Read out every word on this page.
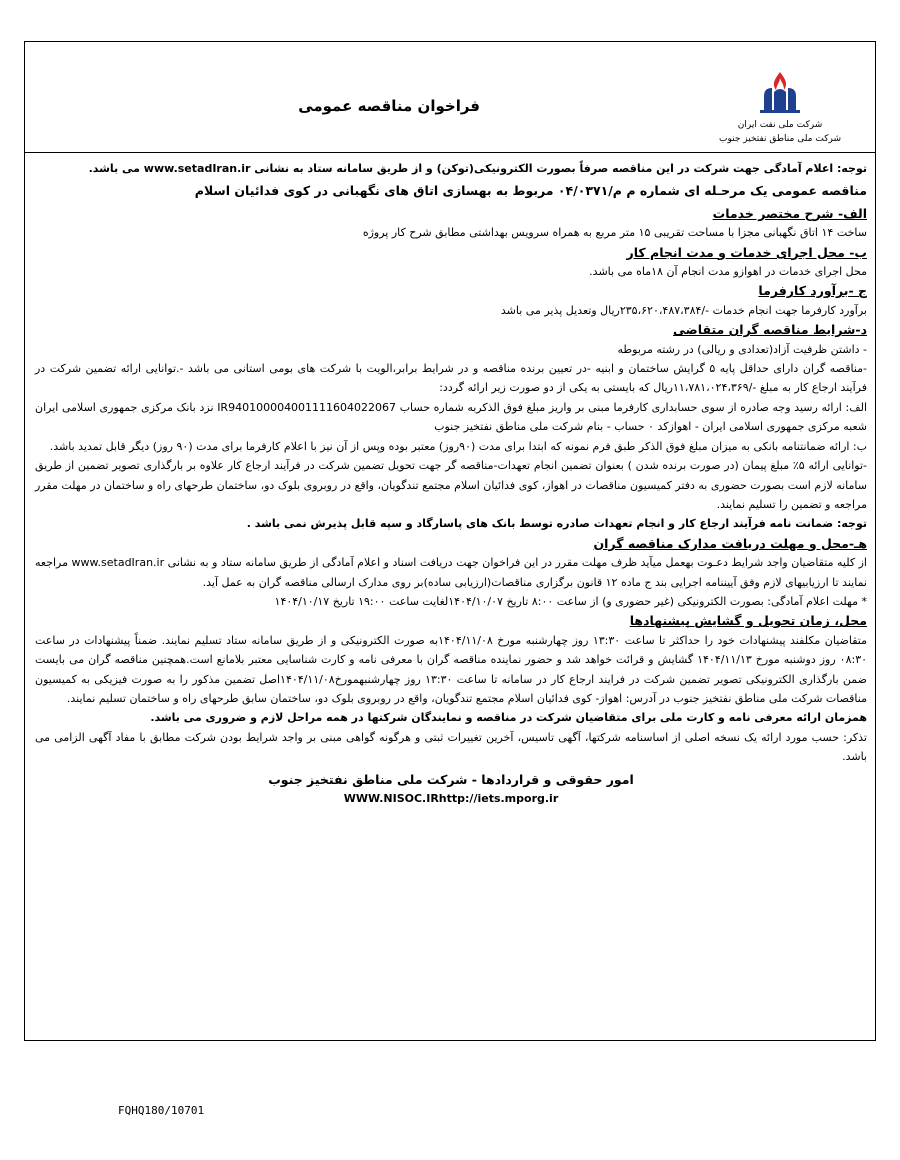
شرکت ملی نفت ایران
شرکت ملی مناطق نفتخیز جنوب
فراخوان مناقصه عمومی

توجه: اعلام آمادگی جهت شرکت در این مناقصه صرفاً بصورت الکترونیکی(توکن) و از طریق سامانه ستاد به نشانی www.setadIran.ir می باشد.

مناقصه عمومی یک مرحـله ای شماره م م/۰۴/۰۳۷۱ مربوط به بهسازی اتاق های نگهبانی در کوی فدائیان اسلام

الف- شرح مختصر خدمات

ساخت ۱۴ اتاق نگهبانی مجزا با مساحت تقریبی ۱۵ متر مربع به همراه سرویس بهداشتی مطابق شرح کار پروژه

ب- محل اجرای خدمات و مدت انجام کار

محل اجرای خدمات در اهوازو مدت انجام آن ۱۸ماه می باشد.

ج -برآورد کارفرما

برآورد کارفرما جهت انجام خدمات -/۲۳۵،۶۲۰،۴۸۷،۳۸۴ریال وتعدیل پذیر می باشد

د-شرایط مناقصه گران متقاضی

- داشتن ظرفیت آزاد(تعدادی و ریالی) در رشته مربوطه

-مناقصه گران دارای حداقل پایه ۵ گرایش ساختمان و ابنیه -در تعیین برنده مناقصه و در شرایط برابر،الویت با شرکت های بومی استانی می باشد -.توانایی ارائه تضمین شرکت در فرآیند ارجاع کار به مبلغ -/۱۱،۷۸۱،۰۲۴،۳۶۹ریال که بایستی به یکی از دو صورت زیر ارائه گردد:

الف: ارائه رسید وجه صادره از سوی حسابداری کارفرما مبنی بر واریز مبلغ فوق الذکربه شماره حساب IR940100004001111604022067 نزد بانک مرکزی جمهوری اسلامی ایران شعبه مرکزی جمهوری اسلامی ایران - اهوازکد ۰ حساب - بنام شرکت ملی مناطق نفتخیز جنوب

ب: ارائه ضمانتنامه بانکی به میزان مبلغ فوق الذکر طبق فرم نمونه که ابتدا برای مدت (۹۰روز) معتبر بوده وپس از آن نیز با اعلام کارفرما برای مدت (۹۰ روز) دیگر قابل تمدید باشد.

-توانایی ارائه ۵٪ مبلغ پیمان (در صورت برنده شدن ) بعنوان تضمین انجام تعهدات-مناقصه گر جهت تحویل تضمین شرکت در فرآیند ارجاع کار علاوه بر بارگذاری تصویر تضمین از طریق سامانه لازم است بصورت حضوری به دفتر کمیسیون مناقصات در اهواز، کوی فدائیان اسلام مجتمع تندگویان، واقع در روبروی بلوک دو، ساختمان طرحهای راه و ساختمان در مهلت مقرر مراجعه و تضمین را تسلیم نمایند.

توجه: ضمانت نامه فرآیند ارجاع کار و انجام تعهدات صادره توسط بانک های پاسارگاد و سپه قابل پذیرش نمی باشد .

هـ-محل و مهلت دریافت مدارک مناقصه گران

از کلیه متقاضیان واجد شرایط دعـوت بهعمل میآید ظرف مهلت مقرر در این فراخوان جهت دریافت اسناد و اعلام آمادگی از طریق سامانه ستاد و به نشانی www.setadIran.ir مراجعه نمایند تا ارزیابیهای لازم وفق آییننامه اجرایی بند ج ماده ۱۲ قانون برگزاری مناقصات(ارزیابی ساده)بر روی مدارک ارسالی مناقصه گران به عمل آید.

* مهلت اعلام آمادگی: بصورت الکترونیکی (غیر حضوری و) از ساعت ۸:۰۰ تاریخ ۱۴۰۴/۱۰/۰۷لغایت ساعت ۱۹:۰۰ تاریخ ۱۴۰۴/۱۰/۱۷

محل، زمان تحویل و گشایش پیشنهادها

متقاضیان مکلفند پیشنهادات خود را حداکثر تا ساعت ۱۳:۳۰ روز چهارشنبه مورخ ۱۴۰۴/۱۱/۰۸به صورت الکترونیکی و از طریق سامانه ستاد تسلیم نمایند. ضمناً پیشنهادات در ساعت ۰۸:۳۰ روز دوشنبه مورخ ۱۴۰۴/۱۱/۱۳ گشایش و قرائت خواهد شد و حضور نماینده مناقصه گران با معرفی نامه و کارت شناسایی معتبر بلامانع است.همچنین مناقصه گران می بایست ضمن بارگذاری الکترونیکی تصویر تضمین شرکت در فرایند ارجاع کار در سامانه تا ساعت ۱۳:۳۰ روز چهارشنبهمورخ۱۴۰۴/۱۱/۰۸اصل تضمین مذکور را به صورت فیزیکی به کمیسیون مناقصات شرکت ملی مناطق نفتخیز جنوب در آدرس: اهواز- کوی فدائیان اسلام مجتمع تندگویان، واقع در روبروی بلوک دو، ساختمان سابق طرحهای راه و ساختمان تسلیم نمایند.

همزمان ارائه معرفی نامه و کارت ملی برای متقاضیان شرکت در مناقصه و نمایندگان شرکتها در همه مراحل لازم و ضروری می باشد.

تذکر: حسب مورد ارائه یک نسخه اصلی از اساسنامه شرکتها، آگهی تاسیس، آخرین تغییرات ثبتی و هرگونه گواهی مبنی بر واجد شرایط بودن شرکت مطابق با مفاد آگهی الزامی می باشد.

امور حقوقی و قراردادها - شرکت ملی مناطق نفتخیز جنوب

WWW.NISOC.IRhttp://iets.mporg.ir

FQHQ180/10701
